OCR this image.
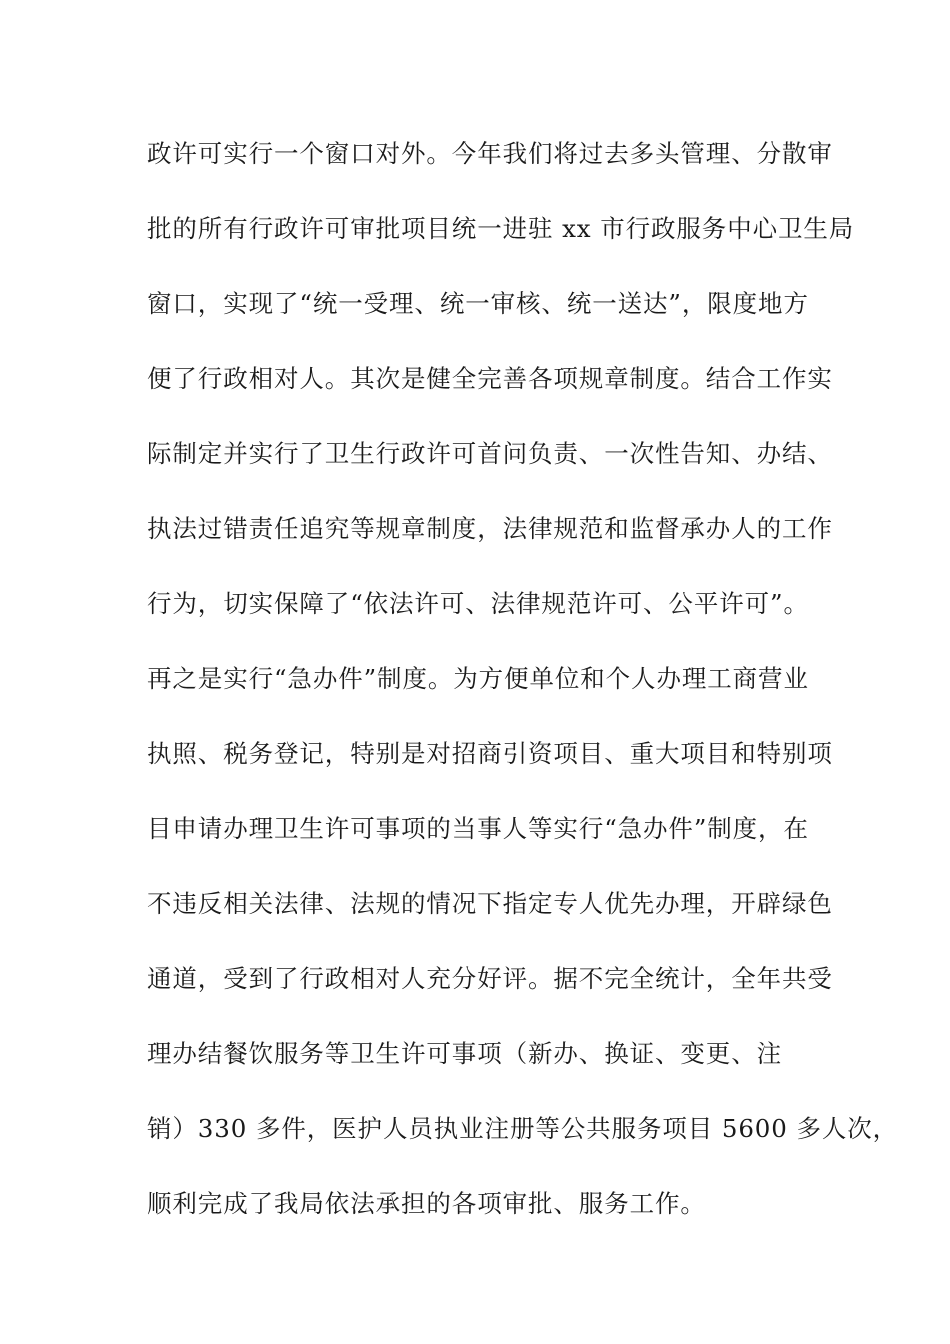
政许可实行一个窗口对外。今年我们将过去多头管理、分散审
批的所有行政许可审批项目统一进驻 xx 市行政服务中心卫生局
窗口，实现了“统一受理、统一审核、统一送达”，限度地方
便了行政相对人。其次是健全完善各项规章制度。结合工作实
际制定并实行了卫生行政许可首问负责、一次性告知、办结、
执法过错责任追究等规章制度，法律规范和监督承办人的工作
行为，切实保障了“依法许可、法律规范许可、公平许可”。
再之是实行“急办件”制度。为方便单位和个人办理工商营业
执照、税务登记，特别是对招商引资项目、重大项目和特别项
目申请办理卫生许可事项的当事人等实行“急办件”制度，在
不违反相关法律、法规的情况下指定专人优先办理，开辟绿色
通道，受到了行政相对人充分好评。据不完全统计，全年共受
理办结餐饮服务等卫生许可事项（新办、换证、变更、注
销）330 多件，医护人员执业注册等公共服务项目 5600 多人次，
顺利完成了我局依法承担的各项审批、服务工作。
